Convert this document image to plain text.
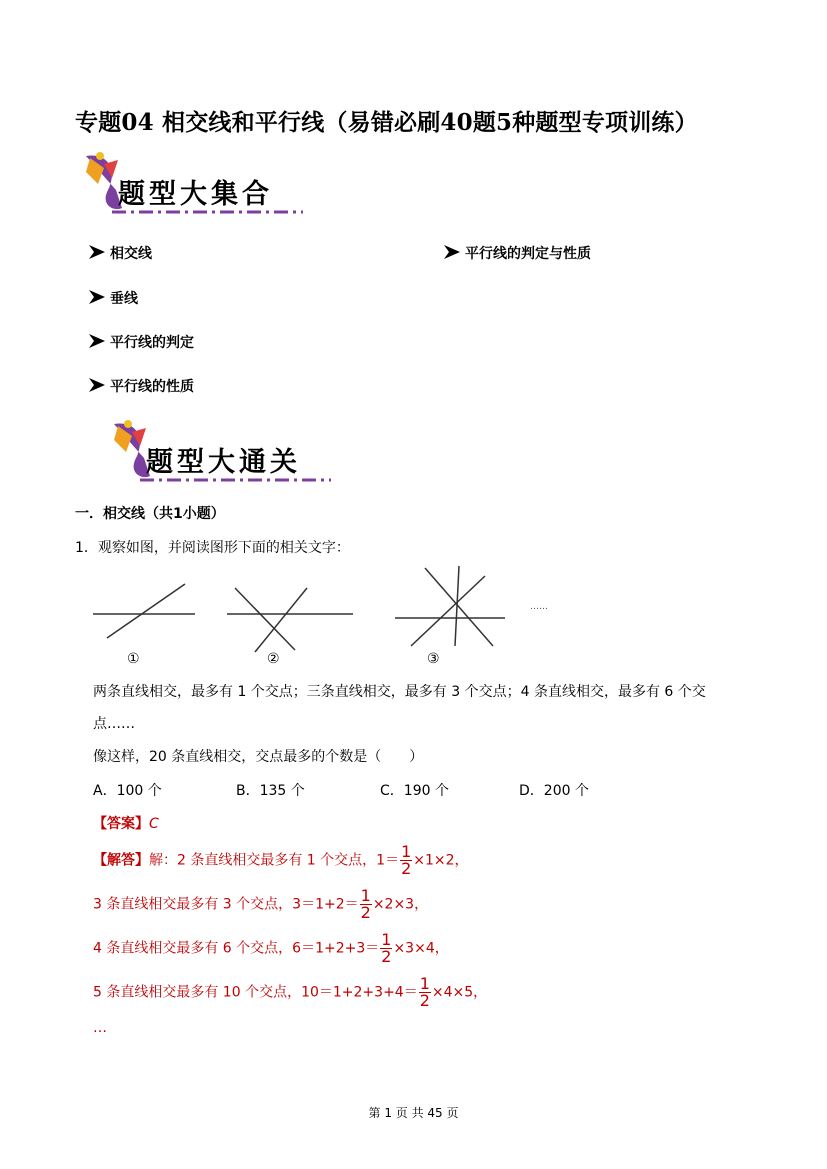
专题04 相交线和平行线（易错必刷40题5种题型专项训练）
题型大集合
相交线
垂线
平行线的判定
平行线的性质
平行线的判定与性质
题型大通关
一．相交线（共1小题）
1．观察如图，并阅读图形下面的相关文字：
①	②	③
……
两条直线相交，最多有 1 个交点；三条直线相交，最多有 3 个交点；4 条直线相交，最多有 6 个交
点……
像这样，20 条直线相交，交点最多的个数是（　　）
A．100 个	B．135 个	C．190 个	D．200 个
【答案】C
【解答】解：2 条直线相交最多有 1 个交点，$1= \frac{1}{2} \times 1\times 2$，
3 条直线相交最多有 3 个交点，$3=1+2= \frac{1}{2} \times 2\times 3$，
4 条直线相交最多有 6 个交点，$6=1+2+3= \frac{1}{2} \times 3\times 4$，
5 条直线相交最多有 10 个交点，$10=1+2+3+4= \frac{1}{2} \times 4\times 5$，
…
第 1 页 共 45 页
